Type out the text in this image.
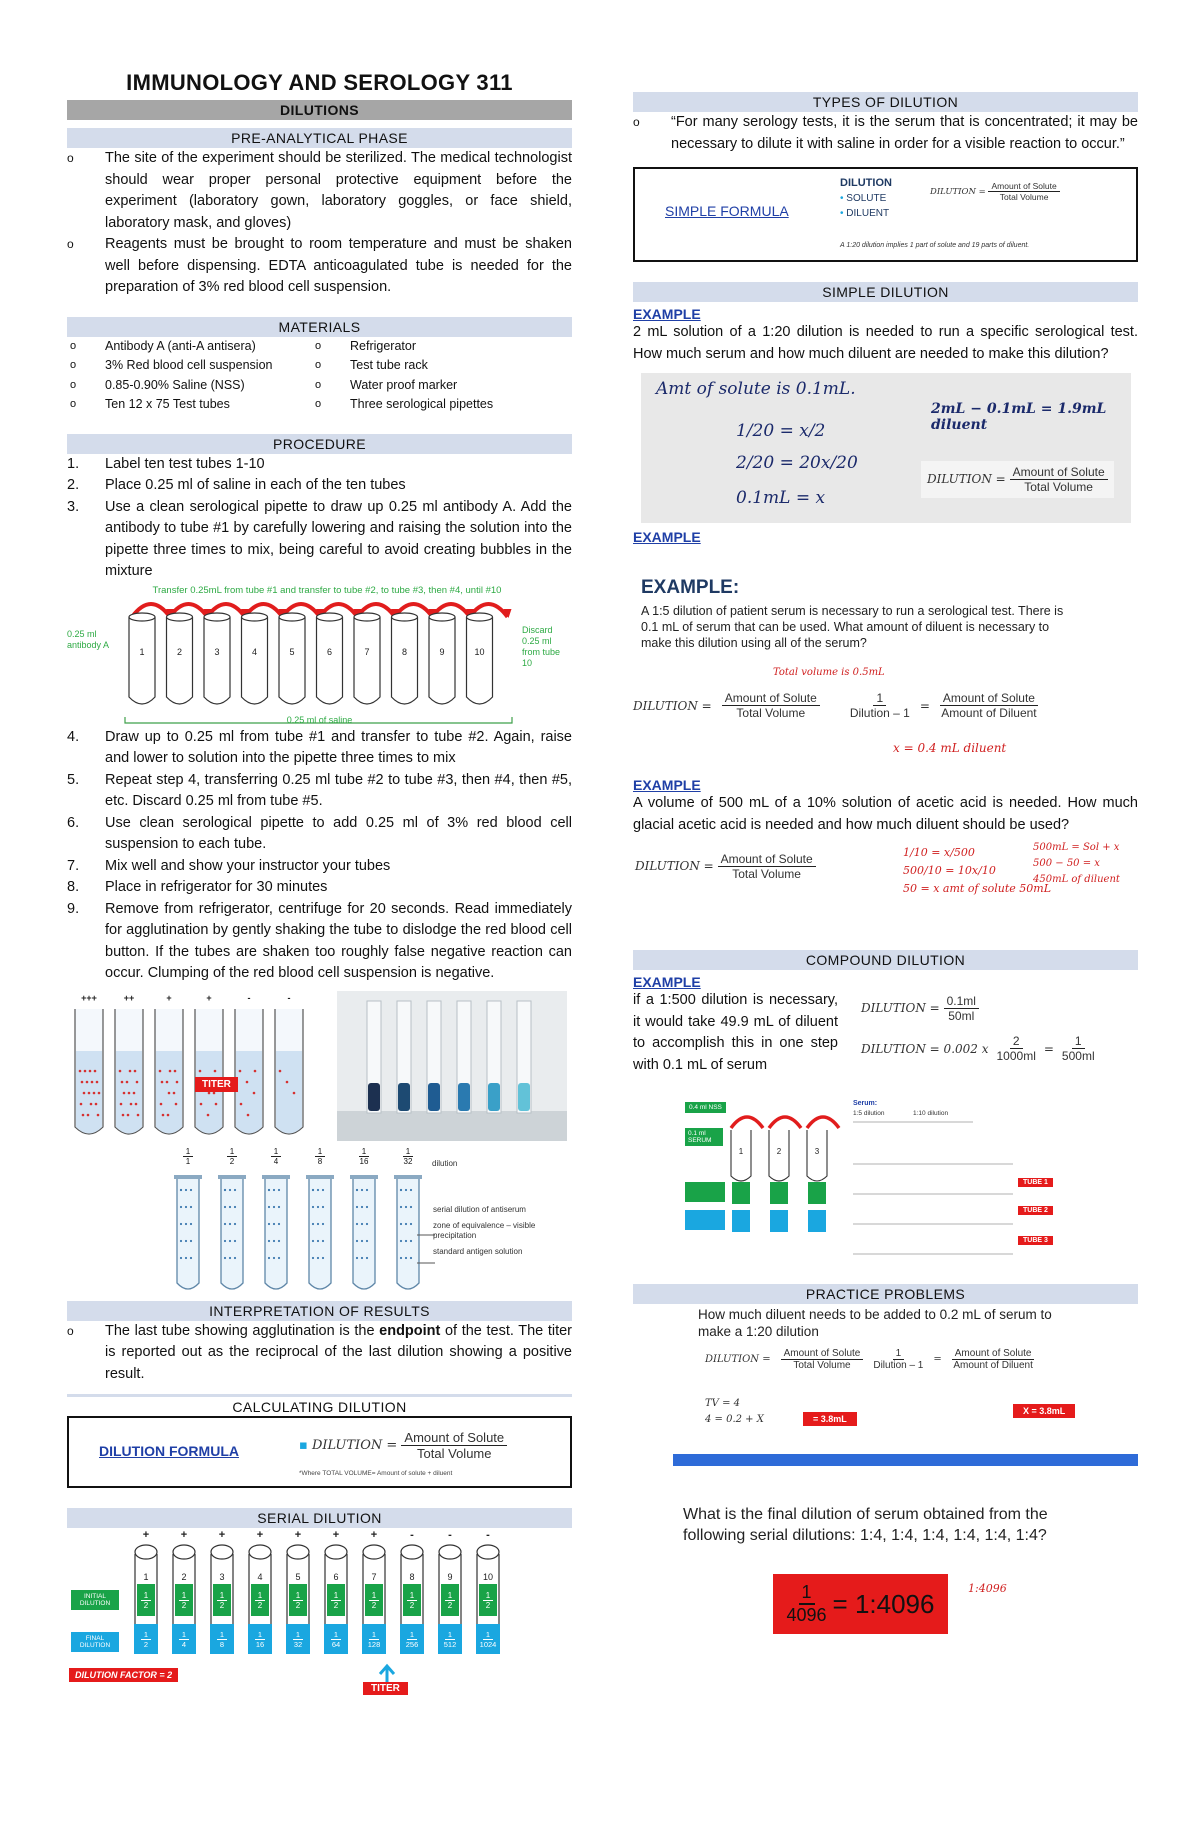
IMMUNOLOGY AND SEROLOGY 311
DILUTIONS
PRE-ANALYTICAL PHASE
o	The site of the experiment should be sterilized. The medical technologist should wear proper personal protective equipment before the experiment (laboratory gown, laboratory goggles, or face shield, laboratory mask, and gloves)
o	Reagents must be brought to room temperature and must be shaken well before dispensing. EDTA anticoagulated tube is needed for the preparation of 3% red blood cell suspension.
MATERIALS
o	Antibody A (anti-A antisera)	o	Refrigerator
o	3% Red blood cell suspension	o	Test tube rack
o	0.85-0.90% Saline (NSS)	o	Water proof marker
o	Ten 12 x 75 Test tubes	o	Three serological pipettes
PROCEDURE
1.	Label ten test tubes 1-10
2.	Place 0.25 ml of saline in each of the ten tubes
3.	Use a clean serological pipette to draw up 0.25 ml antibody A. Add the antibody to tube #1 by carefully lowering and raising the solution into the pipette three times to mix, being careful to avoid creating bubbles in the mixture
Transfer 0.25mL from tube #1 and transfer to tube #2, to tube #3, then #4, until #10
1	2	3	4	5	6	7	8	9	10
0.25 ml antibody A
Discard 0.25 ml from tube 10
0.25 ml of saline
4.	Draw up to 0.25 ml from tube #1 and transfer to tube #2. Again, raise and lower to solution into the pipette three times to mix
5.	Repeat step 4, transferring 0.25 ml tube #2 to tube #3, then #4, then #5, etc. Discard 0.25 ml from tube #5.
6.	Use clean serological pipette to add 0.25 ml of 3% red blood cell suspension to each tube.
7.	Mix well and show your instructor your tubes
8.	Place in refrigerator for 30 minutes
9.	Remove from refrigerator, centrifuge for 20 seconds. Read immediately for agglutination by gently shaking the tube to dislodge the red blood cell button. If the tubes are shaken too roughly false negative reaction can occur. Clumping of the red blood cell suspension is negative.
+++	++	+	+	-	-
TITER
$\frac{1}{1}$	$\frac{1}{2}$	$\frac{1}{4}$	$\frac{1}{8}$	$\frac{1}{16}$	$\frac{1}{32}$ dilution
serial dilution of antiserum
zone of equivalence – visible precipitation
standard antigen solution
INTERPRETATION OF RESULTS
o	The last tube showing agglutination is the endpoint of the test. The titer is reported out as the reciprocal of the last dilution showing a positive result.
CALCULATING DILUTION
DILUTION FORMULA	▪ DILUTION = $\frac{\text{Amount of Solute}}{\text{Total Volume}}$
*Where TOTAL VOLUME= Amount of solute + diluent
SERIAL DILUTION
+
1
+
2
+
3
+
4
+
5
+
6
+
7
-
8
-
9
-
10
$\frac{1}{2}$
$\frac{1}{2}$
$\frac{1}{2}$
$\frac{1}{4}$
$\frac{1}{2}$
$\frac{1}{8}$
$\frac{1}{2}$
$\frac{1}{16}$
$\frac{1}{2}$
$\frac{1}{32}$
$\frac{1}{2}$
$\frac{1}{64}$
$\frac{1}{2}$
$\frac{1}{128}$
$\frac{1}{2}$
$\frac{1}{256}$
$\frac{1}{2}$
$\frac{1}{512}$
$\frac{1}{2}$
$\frac{1}{1024}$
INITIAL DILUTION
FINAL DILUTION
DILUTION FACTOR = 2
TITER
TYPES OF DILUTION
o	“For many serology tests, it is the serum that is concentrated; it may be necessary to dilute it with saline in order for a visible reaction to occur.”
SIMPLE FORMULA
DILUTION
• SOLUTE
• DILUENT
DILUTION = $\frac{\text{Amount of Solute}}{\text{Total Volume}}$
A 1:20 dilution implies 1 part of solute and 19 parts of diluent.
SIMPLE DILUTION
EXAMPLE
2 mL solution of a 1:20 dilution is needed to run a specific serological test. How much serum and how much diluent are needed to make this dilution?
Amt of solute is 0.1mL.
2mL − 0.1mL = 1.9mL diluent
1/20 = x/2
2/20 = 20x/20
0.1mL = x
DILUTION = $\frac{\text{Amount of Solute}}{\text{Total Volume}}$
EXAMPLE
EXAMPLE:
A 1:5 dilution of patient serum is necessary to run a serological test. There is 0.1 mL of serum that can be used. What amount of diluent is necessary to make this dilution using all of the serum?
Total volume is 0.5mL
DILUTION = $\frac{\text{Amount of Solute}}{\text{Total Volume}}$	$\frac{1}{\text{Dilution – 1}} = \frac{\text{Amount of Solute}}{\text{Amount of Diluent}}$
x = 0.4 mL diluent
EXAMPLE
A volume of 500 mL of a 10% solution of acetic acid is needed. How much glacial acetic acid is needed and how much diluent should be used?
DILUTION = $\frac{\text{Amount of Solute}}{\text{Total Volume}}$	1/10 = x/500
500/10 = 10x/10
50 = x amt of solute 50mL
500mL = Sol + x
500 − 50 = x
450mL of diluent
COMPOUND DILUTION
EXAMPLE
if a 1:500 dilution is necessary, it would take 49.9 mL of diluent to accomplish this in one step with 0.1 mL of serum
DILUTION = $\frac{0.1ml}{50ml}$
DILUTION = 0.002 x $\frac{2}{1000ml} = \frac{1}{500ml}$
1	2	3
0.4 ml NSS
0.1 ml SERUM
Serum:
1:5 dilution	1:10 dilution
TUBE 1
TUBE 2
TUBE 3
PRACTICE PROBLEMS
How much diluent needs to be added to 0.2 mL of serum to make a 1:20 dilution
DILUTION = $\frac{\text{Amount of Solute}}{\text{Total Volume}} \frac{1}{\text{Dilution – 1}} = \frac{\text{Amount of Solute}}{\text{Amount of Diluent}}$
TV = 4
4 = 0.2 + X	= 3.8mL
X = 3.8mL
What is the final dilution of serum obtained from the following serial dilutions: 1:4, 1:4, 1:4, 1:4, 1:4, 1:4?
$\frac{1}{4096}$ = 1:4096	1:4096
